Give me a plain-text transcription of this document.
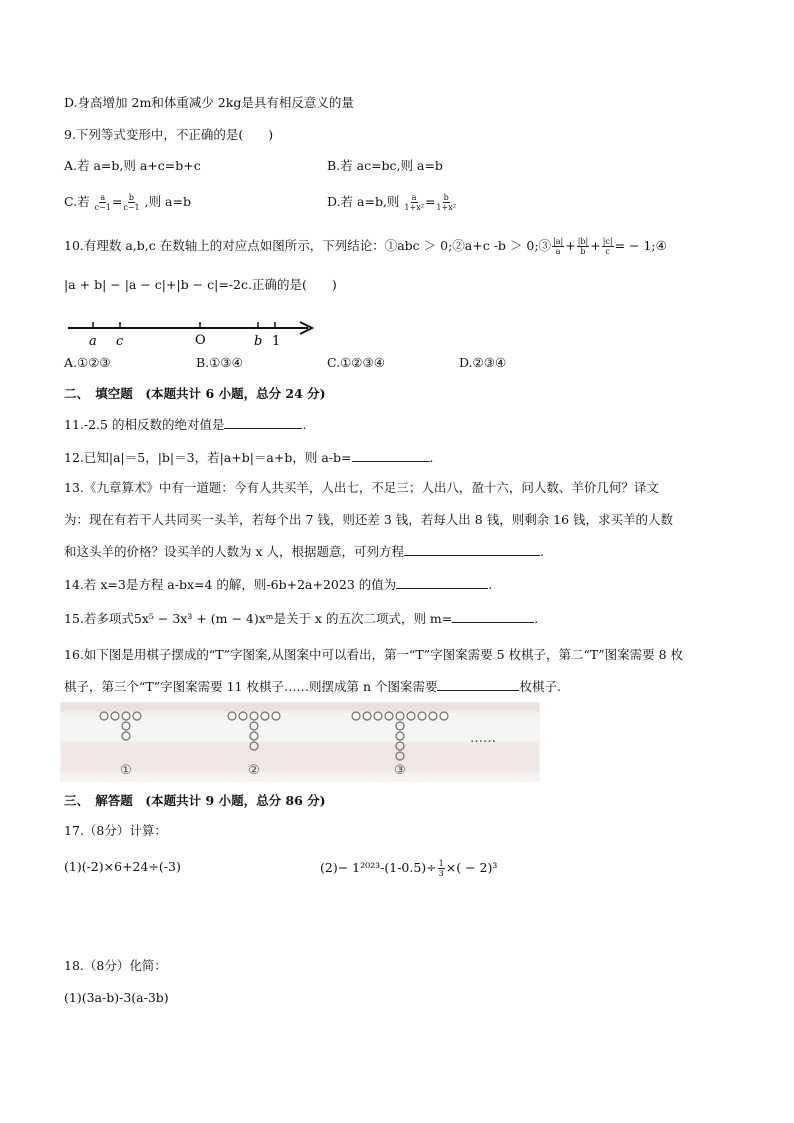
D.身高增加 2m和体重减少 2kg是具有相反意义的量
9.下列等式变形中，不正确的是(　　)
A.若 a=b,则 a+c=b+c	B.若 ac=bc,则 a=b
C.若 $\frac{a}{c-1} = \frac{b}{c-1}$ ,则 a=b	D.若 a=b,则 $\frac{a}{\text{1+x²}} = \frac{b}{\text{1+x²}}$
10.有理数 a,b,c 在数轴上的对应点如图所示，下列结论：①abc ＞ 0;②a+c -b ＞ 0;③ $\frac{|a|}{a} + \frac{|b|}{b} + \frac{|c|}{c}$ = − 1;④
|a + b| − |a − c|+|b − c|=-2c.正确的是(　　)
a c	O	b 1
A.①②③	B.①③④	C.①②③④	D.②③④
二、　填空题　(本题共计 6 小题，总分 24 分)
11.-2.5 的相反数的绝对值是	.
12.已知|a|＝5，|b|＝3，若|a+b|＝a+b，则 a-b=	.
13.《九章算术》中有一道题：今有人共买羊，人出七，不足三；人出八，盈十六，问人数、羊价几何？译文
为：现在有若干人共同买一头羊，若每个出 7 钱，则还差 3 钱，若每人出 8 钱，则剩余 16 钱，求买羊的人数
和这头羊的价格？设买羊的人数为 x 人，根据题意，可列方程	.
14.若 x=3是方程 a-bx=4 的解，则-6b+2a+2023 的值为	.
15.若多项式5x⁵ − 3x³ + (m − 4)xᵐ是关于 x 的五次二项式，则 m=	.
16.如下图是用棋子摆成的“T”字图案,从图案中可以看出，第一“T”字图案需要 5 枚棋子，第二“T”图案需要 8 枚
棋子，第三个“T”字图案需要 11 枚棋子……则摆成第 n 个图案需要	枚棋子.
①	②	③
……
三、　解答题　(本题共计 9 小题，总分 86 分)
17.（8分）计算：
(1)(-2)×6+24÷(-3)	$(2)- 1^{2023}-(1-0.5)\div \frac{1}{3}$ ×( − 2)³
18.（8分）化简：
(1)(3a-b)-3(a-3b)
